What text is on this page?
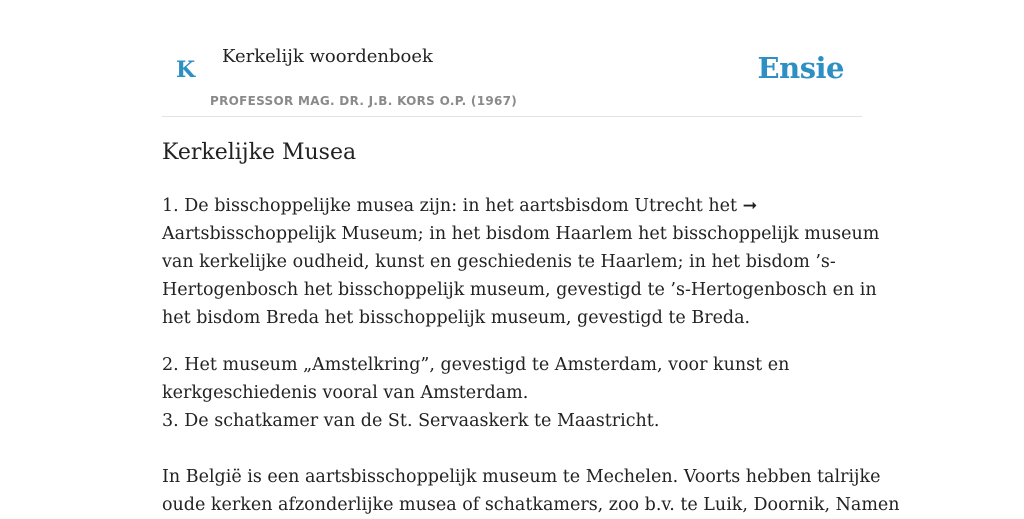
K
Kerkelijk woordenboek
PROFESSOR MAG. DR. J.B. KORS O.P. (1967)
Ensie
Kerkelijke Musea

1. De bisschoppelijke musea zijn: in het aartsbisdom Utrecht het ➞

Aartsbisschoppelijk Museum; in het bisdom Haarlem het bisschoppelijk museum

van kerkelijke oudheid, kunst en geschiedenis te Haarlem; in het bisdom ’s-

Hertogenbosch het bisschoppelijk museum, gevestigd te ’s-Hertogenbosch en in

het bisdom Breda het bisschoppelijk museum, gevestigd te Breda.

2. Het museum „Amstelkring”, gevestigd te Amsterdam, voor kunst en

kerkgeschiedenis vooral van Amsterdam.

3. De schatkamer van de St. Servaaskerk te Maastricht.

In België is een aartsbisschoppelijk museum te Mechelen. Voorts hebben talrijke

oude kerken afzonderlijke musea of schatkamers, zoo b.v. te Luik, Doornik, Namen
